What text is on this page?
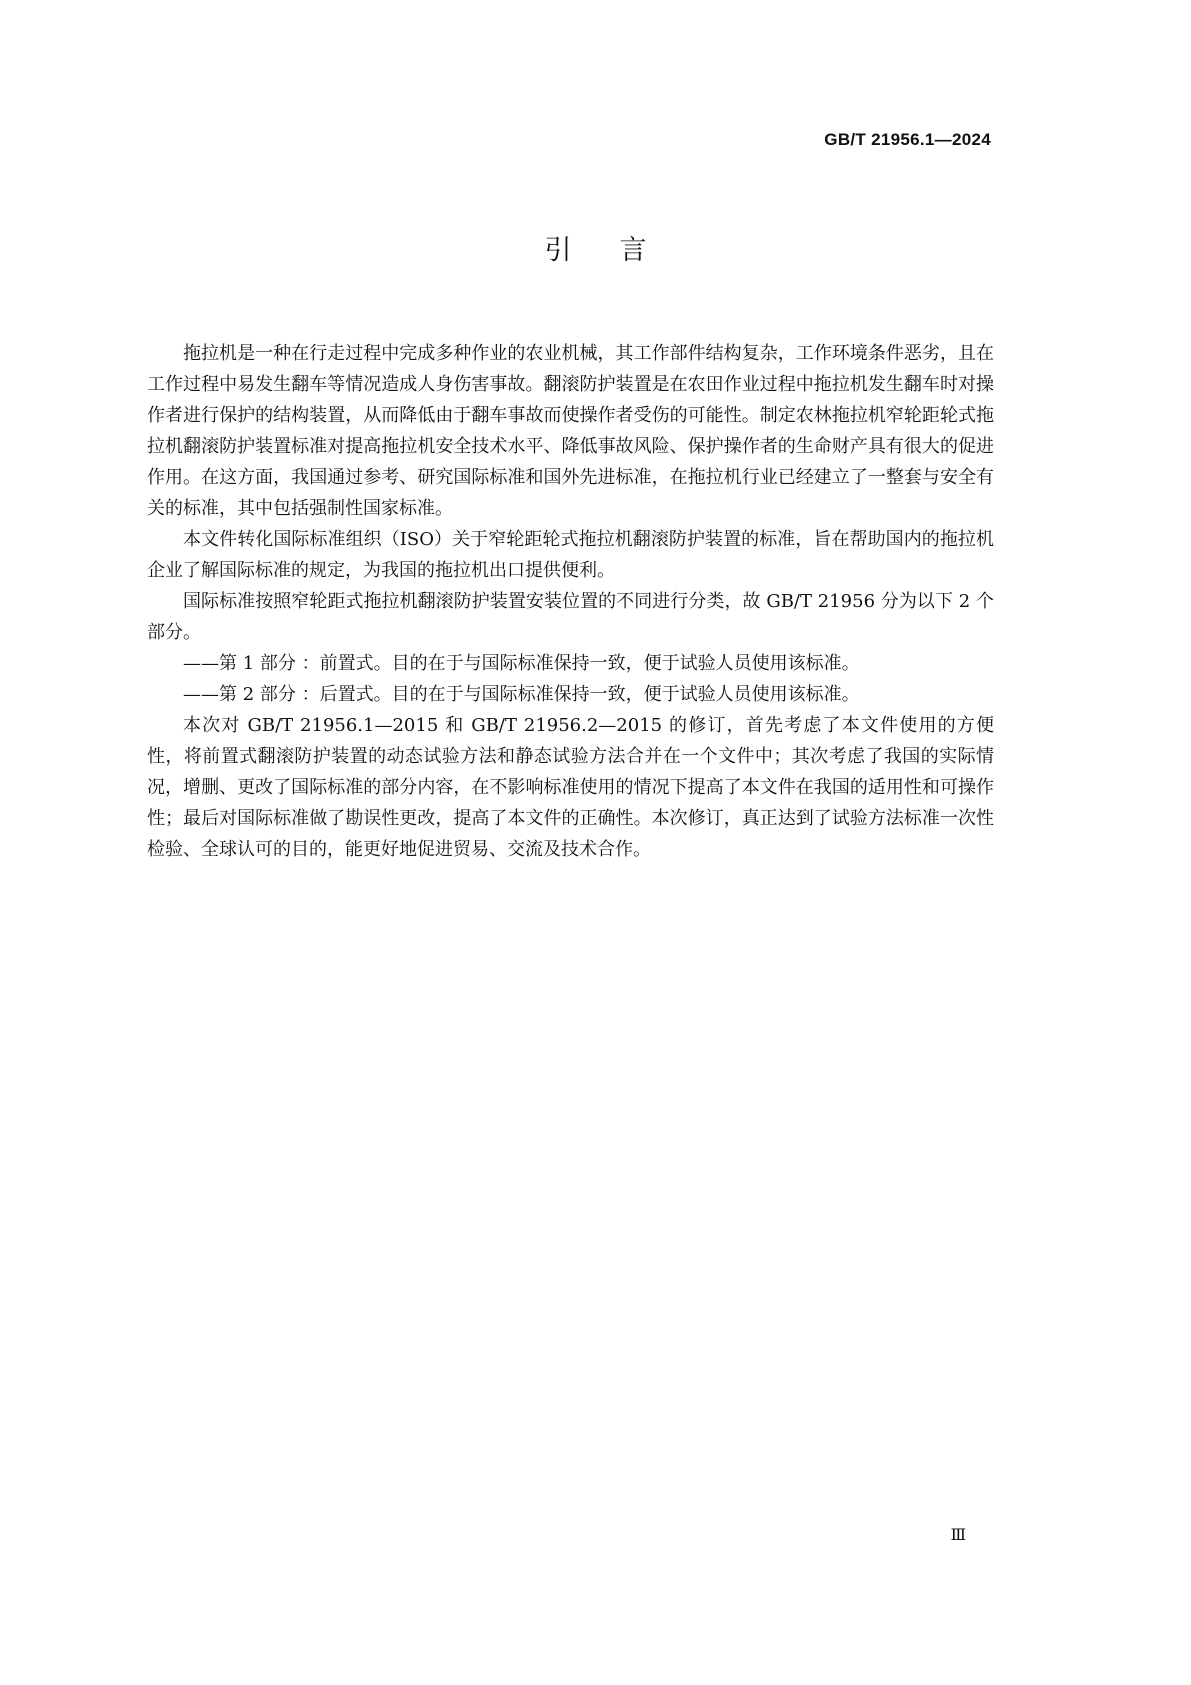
GB/T 21956.1—2024
引言

拖拉机是一种在行走过程中完成多种作业的农业机械，其工作部件结构复杂，工作环境条件恶劣，且在工作过程中易发生翻车等情况造成人身伤害事故。翻滚防护装置是在农田作业过程中拖拉机发生翻车时对操作者进行保护的结构装置，从而降低由于翻车事故而使操作者受伤的可能性。制定农林拖拉机窄轮距轮式拖拉机翻滚防护装置标准对提高拖拉机安全技术水平、降低事故风险、保护操作者的生命财产具有很大的促进作用。在这方面，我国通过参考、研究国际标准和国外先进标准，在拖拉机行业已经建立了一整套与安全有关的标准，其中包括强制性国家标准。

本文件转化国际标准组织（ISO）关于窄轮距轮式拖拉机翻滚防护装置的标准，旨在帮助国内的拖拉机企业了解国际标准的规定，为我国的拖拉机出口提供便利。

国际标准按照窄轮距式拖拉机翻滚防护装置安装位置的不同进行分类，故 GB/T 21956 分为以下 2 个部分。

——第 1 部分 ：前置式。目的在于与国际标准保持一致，便于试验人员使用该标准。

——第 2 部分 ：后置式。目的在于与国际标准保持一致，便于试验人员使用该标准。

本次对 GB/T 21956.1—2015 和 GB/T 21956.2—2015 的修订，首先考虑了本文件使用的方便性，将前置式翻滚防护装置的动态试验方法和静态试验方法合并在一个文件中；其次考虑了我国的实际情况，增删、更改了国际标准的部分内容，在不影响标准使用的情况下提高了本文件在我国的适用性和可操作性；最后对国际标准做了勘误性更改，提高了本文件的正确性。本次修订，真正达到了试验方法标准一次性检验、全球认可的目的，能更好地促进贸易、交流及技术合作。

Ⅲ
